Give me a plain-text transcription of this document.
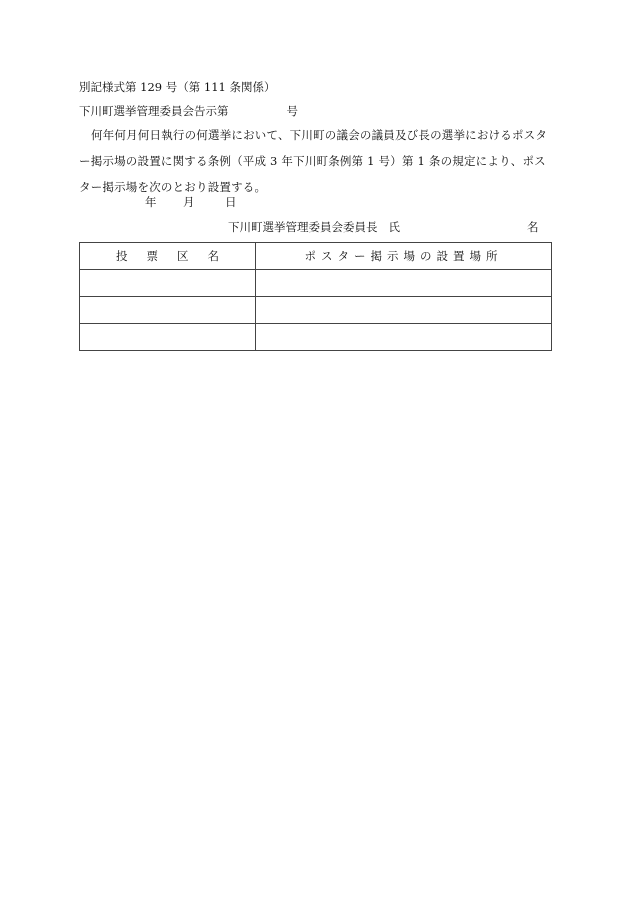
別記様式第 129 号（第 111 条関係）
下川町選挙管理委員会告示第	号

何年何月何日執行の何選挙において、下川町の議会の議員及び長の選挙におけるポスター掲示場の設置に関する条例（平成 3 年下川町条例第 1 号）第 1 条の規定により、ポスター掲示場を次のとおり設置する。

年 月	日
下川町選挙管理委員会委員長 氏	名
投票区名	ポスター掲示場の設置場所
